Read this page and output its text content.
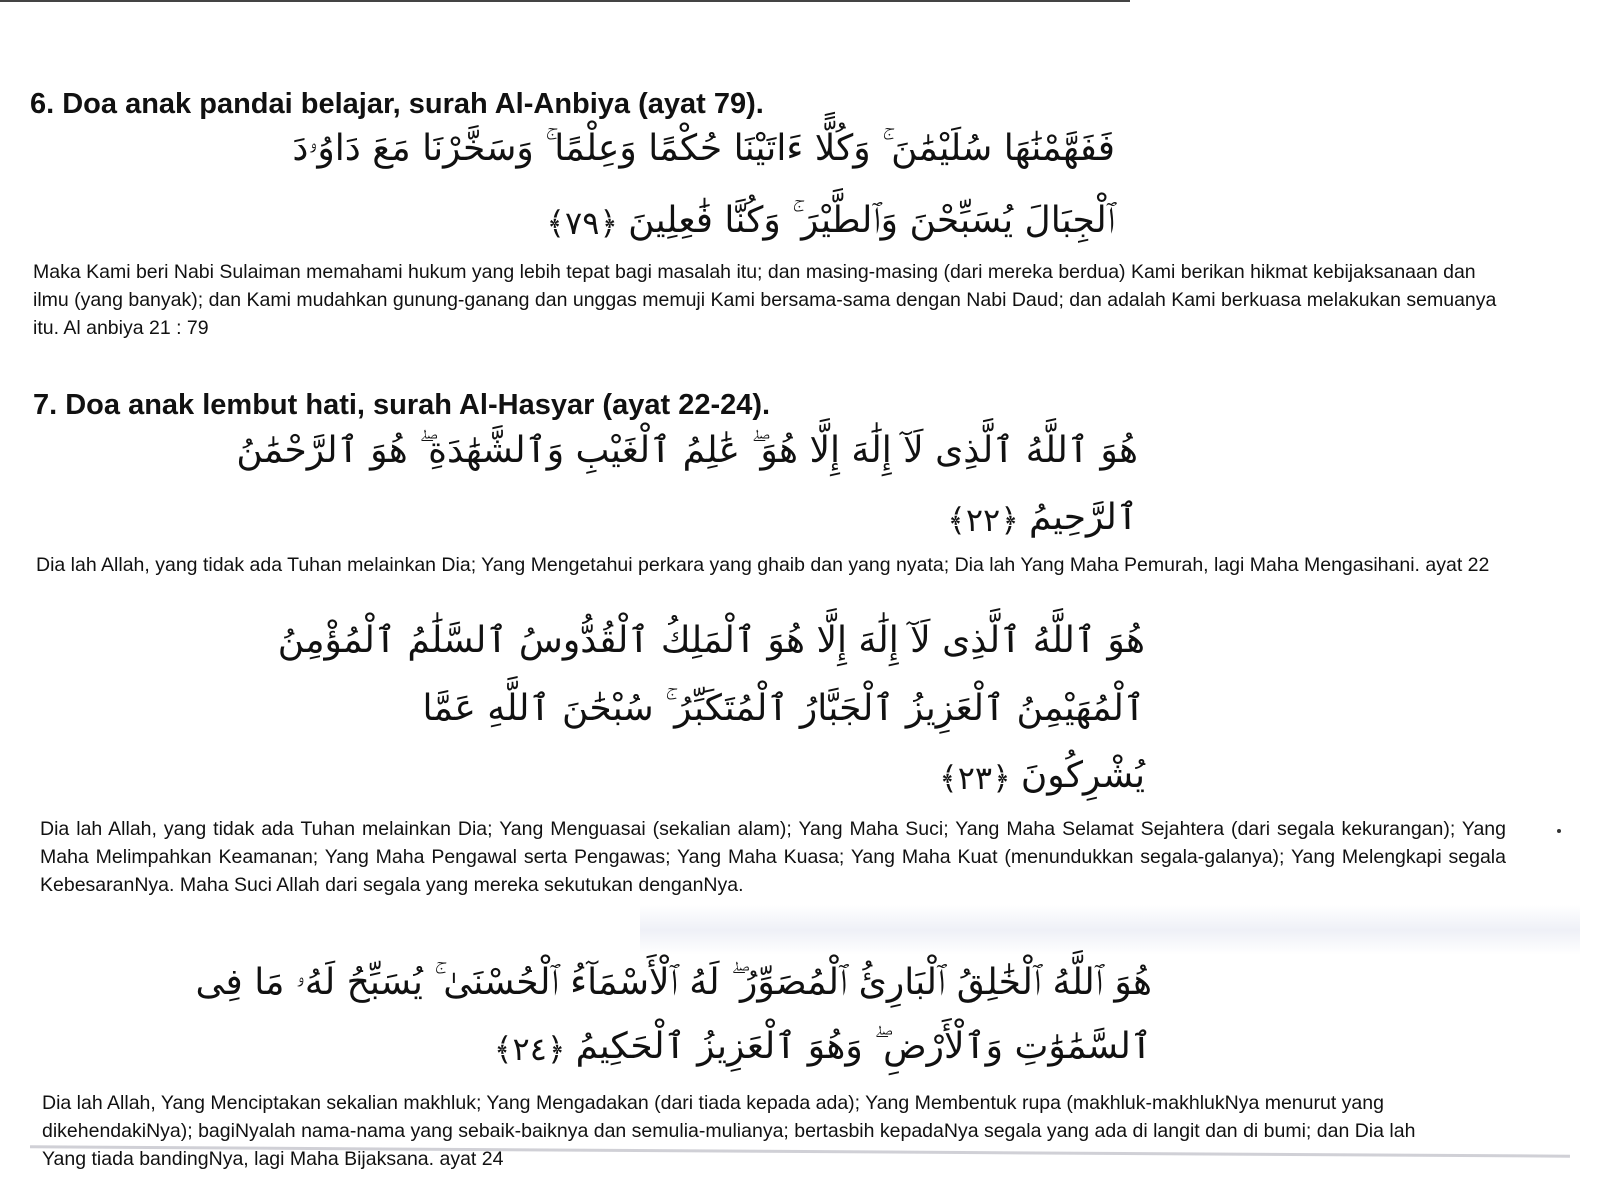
6. Doa anak pandai belajar, surah Al-Anbiya (ayat 79).
فَفَهَّمْنَٰهَا سُلَيْمَٰنَ ۚ وَكُلًّا ءَاتَيْنَا حُكْمًا وَعِلْمًا ۚ وَسَخَّرْنَا مَعَ دَاوُۥدَ
ٱلْجِبَالَ يُسَبِّحْنَ وَٱلطَّيْرَ ۚ وَكُنَّا فَٰعِلِينَ﴿٧٩﴾

Maka Kami beri Nabi Sulaiman memahami hukum yang lebih tepat bagi masalah itu; dan masing-masing (dari mereka berdua) Kami berikan hikmat kebijaksanaan dan ilmu (yang banyak); dan Kami mudahkan gunung-ganang dan unggas memuji Kami bersama-sama dengan Nabi Daud; dan adalah Kami berkuasa melakukan semuanya itu. Al anbiya 21 : 79

7. Doa anak lembut hati, surah Al-Hasyar (ayat 22-24).
هُوَ ٱللَّهُ ٱلَّذِى لَآ إِلَٰهَ إِلَّا هُوَ ۖ عَٰلِمُ ٱلْغَيْبِ وَٱلشَّهَٰدَةِ ۖ هُوَ ٱلرَّحْمَٰنُ
ٱلرَّحِيمُ﴿٢٢﴾

Dia lah Allah, yang tidak ada Tuhan melainkan Dia; Yang Mengetahui perkara yang ghaib dan yang nyata; Dia lah Yang Maha Pemurah, lagi Maha Mengasihani. ayat 22

هُوَ ٱللَّهُ ٱلَّذِى لَآ إِلَٰهَ إِلَّا هُوَ ٱلْمَلِكُ ٱلْقُدُّوسُ ٱلسَّلَٰمُ ٱلْمُؤْمِنُ
ٱلْمُهَيْمِنُ ٱلْعَزِيزُ ٱلْجَبَّارُ ٱلْمُتَكَبِّرُ ۚ سُبْحَٰنَ ٱللَّهِ عَمَّا
يُشْرِكُونَ﴿٢٣﴾

Dia lah Allah, yang tidak ada Tuhan melainkan Dia; Yang Menguasai (sekalian alam); Yang Maha Suci; Yang Maha Selamat Sejahtera (dari segala kekurangan); Yang Maha Melimpahkan Keamanan; Yang Maha Pengawal serta Pengawas; Yang Maha Kuasa; Yang Maha Kuat (menundukkan segala-galanya); Yang Melengkapi segala KebesaranNya. Maha Suci Allah dari segala yang mereka sekutukan denganNya.

هُوَ ٱللَّهُ ٱلْخَٰلِقُ ٱلْبَارِئُ ٱلْمُصَوِّرُ ۖ لَهُ ٱلْأَسْمَآءُ ٱلْحُسْنَىٰ ۚ يُسَبِّحُ لَهُۥ مَا فِى
ٱلسَّمَٰوَٰتِ وَٱلْأَرْضِ ۖ وَهُوَ ٱلْعَزِيزُ ٱلْحَكِيمُ﴿٢٤﴾

Dia lah Allah, Yang Menciptakan sekalian makhluk; Yang Mengadakan (dari tiada kepada ada); Yang Membentuk rupa (makhluk-makhlukNya menurut yang dikehendakiNya); bagiNyalah nama-nama yang sebaik-baiknya dan semulia-mulianya; bertasbih kepadaNya segala yang ada di langit dan di bumi; dan Dia lah Yang tiada bandingNya, lagi Maha Bijaksana. ayat 24
